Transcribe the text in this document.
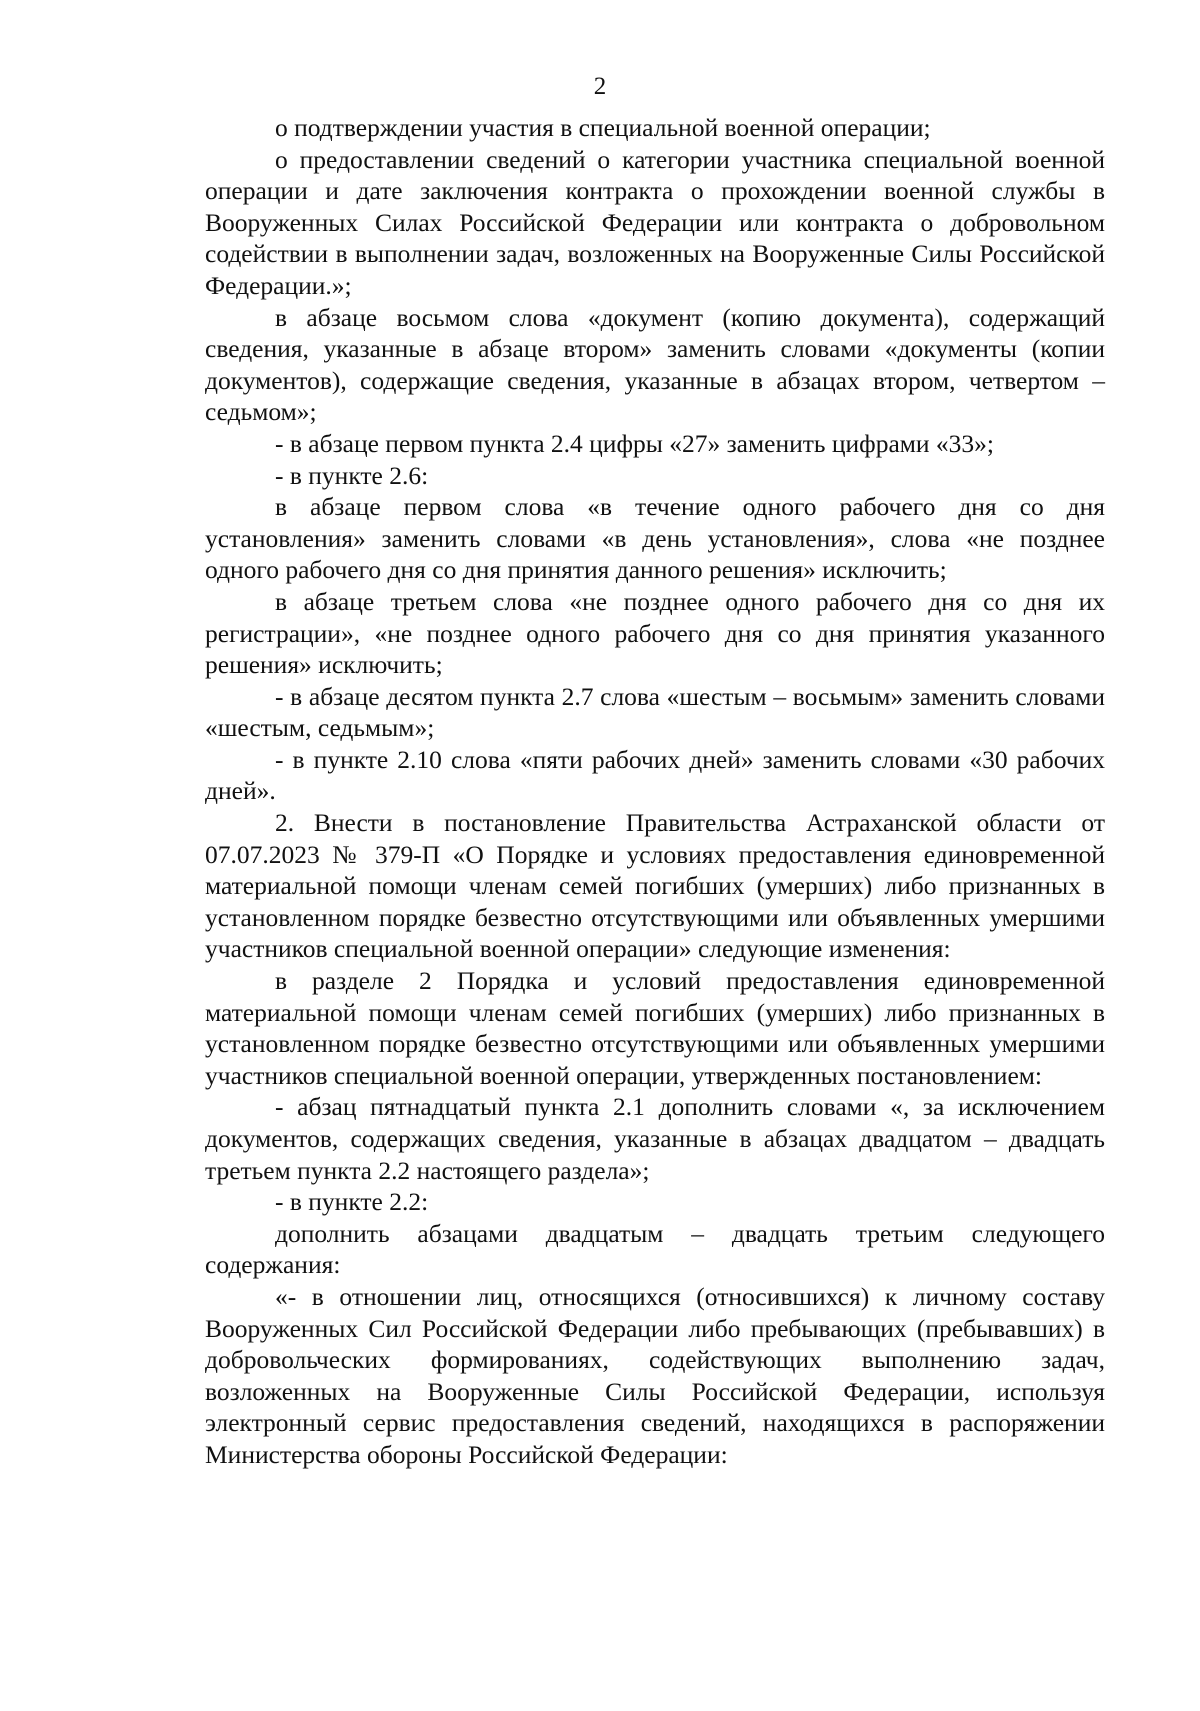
2

о подтверждении участия в специальной военной операции;

о предоставлении сведений о категории участника специальной военной операции и дате заключения контракта о прохождении военной службы в Вооруженных Силах Российской Федерации или контракта о добровольном содействии в выполнении задач, возложенных на Вооруженные Силы Российской Федерации.»;

в абзаце восьмом слова «документ (копию документа), содержащий сведения, указанные в абзаце втором» заменить словами «документы (копии документов), содержащие сведения, указанные в абзацах втором, четвертом – седьмом»;

- в абзаце первом пункта 2.4 цифры «27» заменить цифрами «33»;

- в пункте 2.6:

в абзаце первом слова «в течение одного рабочего дня со дня установления» заменить словами «в день установления», слова «не позднее одного рабочего дня со дня принятия данного решения» исключить;

в абзаце третьем слова «не позднее одного рабочего дня со дня их регистрации», «не позднее одного рабочего дня со дня принятия указанного решения» исключить;

- в абзаце десятом пункта 2.7 слова «шестым – восьмым» заменить словами «шестым, седьмым»;

- в пункте 2.10 слова «пяти рабочих дней» заменить словами «30 рабочих дней».

2. Внести в постановление Правительства Астраханской области от 07.07.2023 № 379-П «О Порядке и условиях предоставления единовременной материальной помощи членам семей погибших (умерших) либо признанных в установленном порядке безвестно отсутствующими или объявленных умершими участников специальной военной операции» следующие изменения:

в разделе 2 Порядка и условий предоставления единовременной материальной помощи членам семей погибших (умерших) либо признанных в установленном порядке безвестно отсутствующими или объявленных умершими участников специальной военной операции, утвержденных постановлением:

- абзац пятнадцатый пункта 2.1 дополнить словами «, за исключением документов, содержащих сведения, указанные в абзацах двадцатом – двадцать третьем пункта 2.2 настоящего раздела»;

- в пункте 2.2:

дополнить абзацами двадцатым – двадцать третьим следующего содержания:

«- в отношении лиц, относящихся (относившихся) к личному составу Вооруженных Сил Российской Федерации либо пребывающих (пребывавших) в добровольческих формированиях, содействующих выполнению задач, возложенных на Вооруженные Силы Российской Федерации, используя электронный сервис предоставления сведений, находящихся в распоряжении Министерства обороны Российской Федерации:
